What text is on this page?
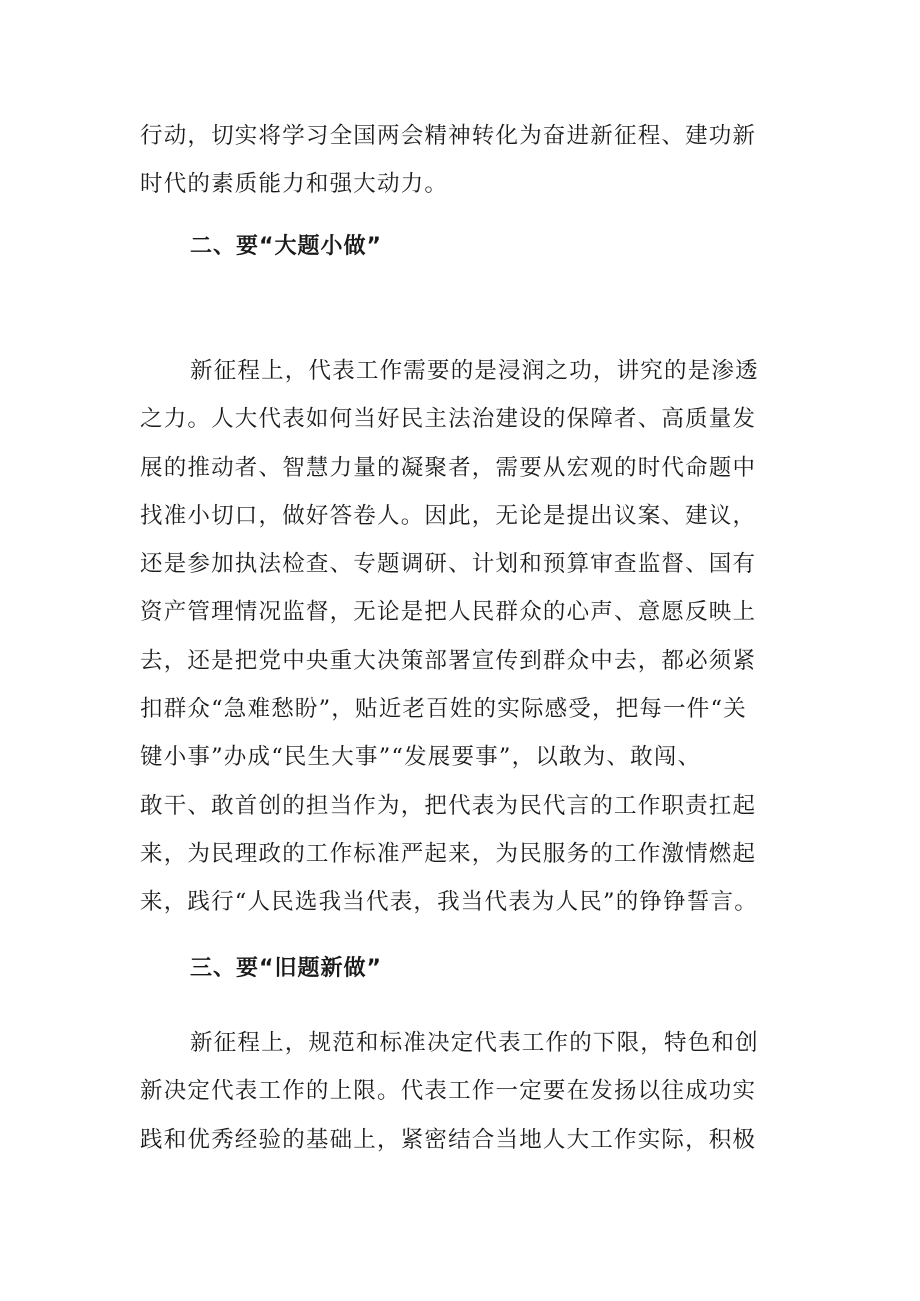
行动，切实将学习全国两会精神转化为奋进新征程、建功新
时代的素质能力和强大动力。

二、要“大题小做”

新征程上，代表工作需要的是浸润之功，讲究的是渗透
之力。人大代表如何当好民主法治建设的保障者、高质量发
展的推动者、智慧力量的凝聚者，需要从宏观的时代命题中
找准小切口，做好答卷人。因此，无论是提出议案、建议，
还是参加执法检查、专题调研、计划和预算审查监督、国有
资产管理情况监督，无论是把人民群众的心声、意愿反映上
去，还是把党中央重大决策部署宣传到群众中去，都必须紧
扣群众“急难愁盼”，贴近老百姓的实际感受，把每一件“关
键小事”办成“民生大事”“发展要事”，以敢为、敢闯、
敢干、敢首创的担当作为，把代表为民代言的工作职责扛起
来，为民理政的工作标准严起来，为民服务的工作激情燃起
来，践行“人民选我当代表，我当代表为人民”的铮铮誓言。

三、要“旧题新做”

新征程上，规范和标准决定代表工作的下限，特色和创
新决定代表工作的上限。代表工作一定要在发扬以往成功实
践和优秀经验的基础上，紧密结合当地人大工作实际，积极
